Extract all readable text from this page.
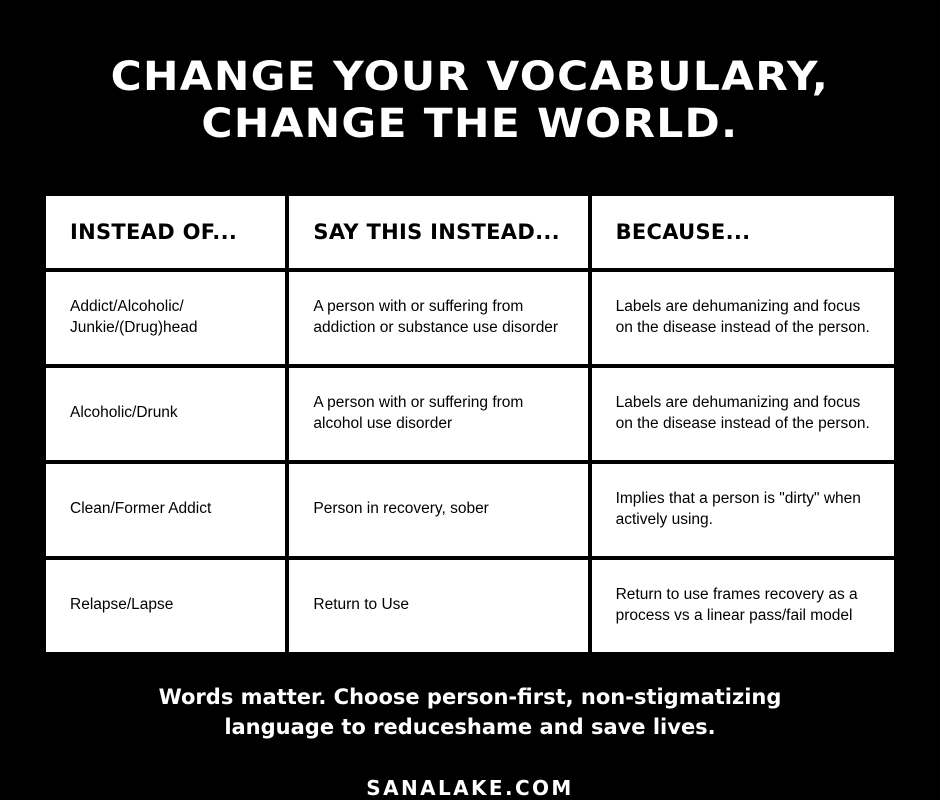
CHANGE YOUR VOCABULARY,
CHANGE THE WORLD.
INSTEAD OF...	SAY THIS INSTEAD...	BECAUSE...
Addict/Alcoholic/ Junkie/(Drug)head	A person with or suffering from addiction or substance use disorder	Labels are dehumanizing and focus on the disease instead of the person.
Alcoholic/Drunk	A person with or suffering from alcohol use disorder	Labels are dehumanizing and focus on the disease instead of the person.
Clean/Former Addict	Person in recovery, sober	Implies that a person is "dirty" when actively using.
Relapse/Lapse	Return to Use	Return to use frames recovery as a process vs a linear pass/fail model
Words matter. Choose person-first, non-stigmatizing
language to reduceshame and save lives.
SANALAKE.COM
